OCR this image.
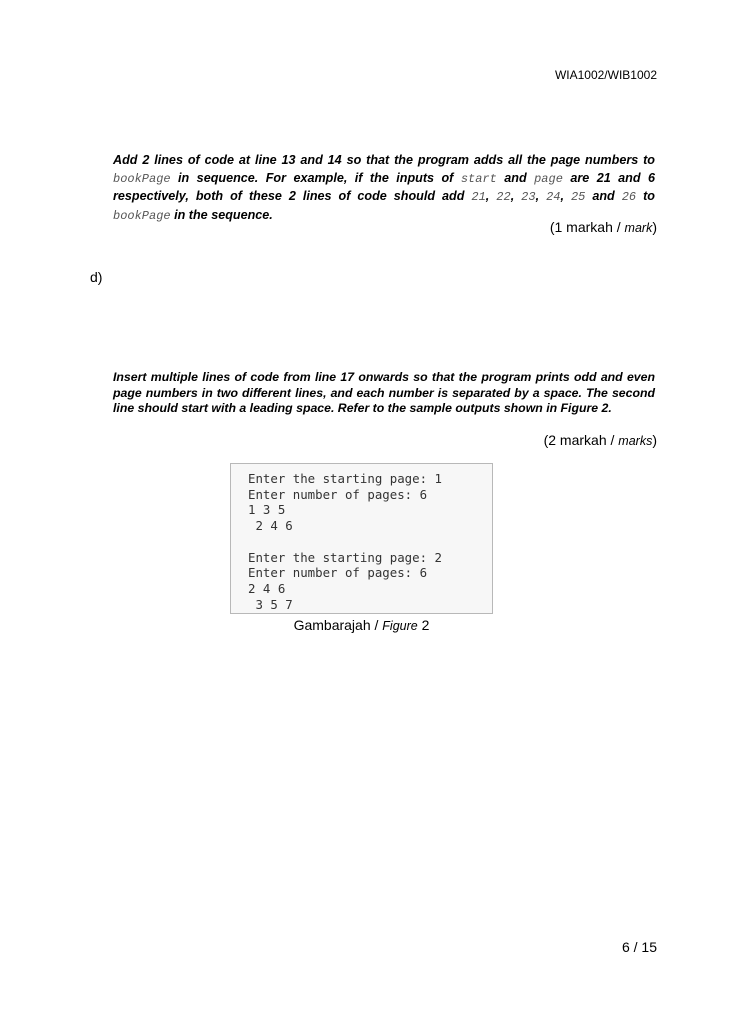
WIA1002/WIB1002

Add 2 lines of code at line 13 and 14 so that the program adds all the page numbers to bookPage in sequence. For example, if the inputs of start and page are 21 and 6 respectively, both of these 2 lines of code should add 21, 22, 23, 24, 25 and 26 to bookPage in the sequence.

(1 markah / mark)
d)

Insert multiple lines of code from line 17 onwards so that the program prints odd and even page numbers in two different lines, and each number is separated by a space. The second line should start with a leading space. Refer to the sample outputs shown in Figure 2.

(2 markah / marks)
Enter the starting page: 1
Enter number of pages: 6
1 3 5
2 4 6

Enter the starting page: 2
Enter number of pages: 6
2 4 6
3 5 7
Gambarajah / Figure 2
6 / 15
